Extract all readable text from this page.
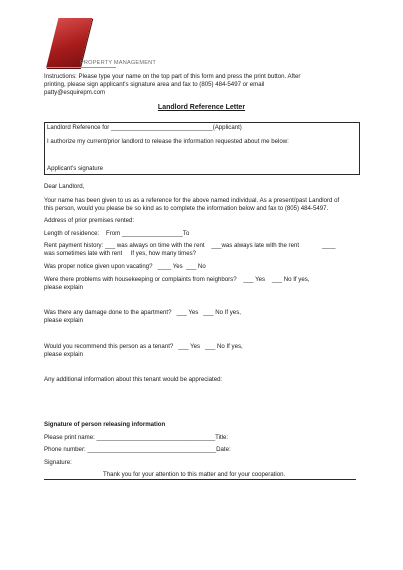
PROPERTY MANAGEMENT
Instructions: Please type your name on the top part of this form and press the print button. After
printing, please sign applicant's signature area and fax to (805) 484-5497 or email
patty@esquirepm.com
Landlord Reference Letter
Landlord Reference for ______________________________(Applicant)
I authorize my current/prior landlord to release the information requested about me below:
Applicant's signature
Dear Landlord,
Your name has been given to us as a reference for the above named individual. As a present/past Landlord of
this person, would you please be so kind as to complete the information below and fax to (805) 484-5497.
Address of prior premises rented:
Length of residence:    From __________________To
Rent payment history: ___ was always on time with the rent    ___was always late with the rent	____
was sometimes late with rent     If yes, how many times?
Was proper notice given upon vacating?   ____ Yes  ___ No
Were there problems with housekeeping or complaints from neighbors?    ___ Yes    ___ No If yes,
please explain
Was there any damage done to the apartment?   ___ Yes   ___ No If yes,
please explain
Would you recommend this person as a tenant?   ___ Yes   ___ No If yes,
please explain
Any additional information about this tenant would be appreciated:
Signature of person releasing information
Please print name: ___________________________________Title:
Phone number: ______________________________________Date:
Signature:
Thank you for your attention to this matter and for your cooperation.
